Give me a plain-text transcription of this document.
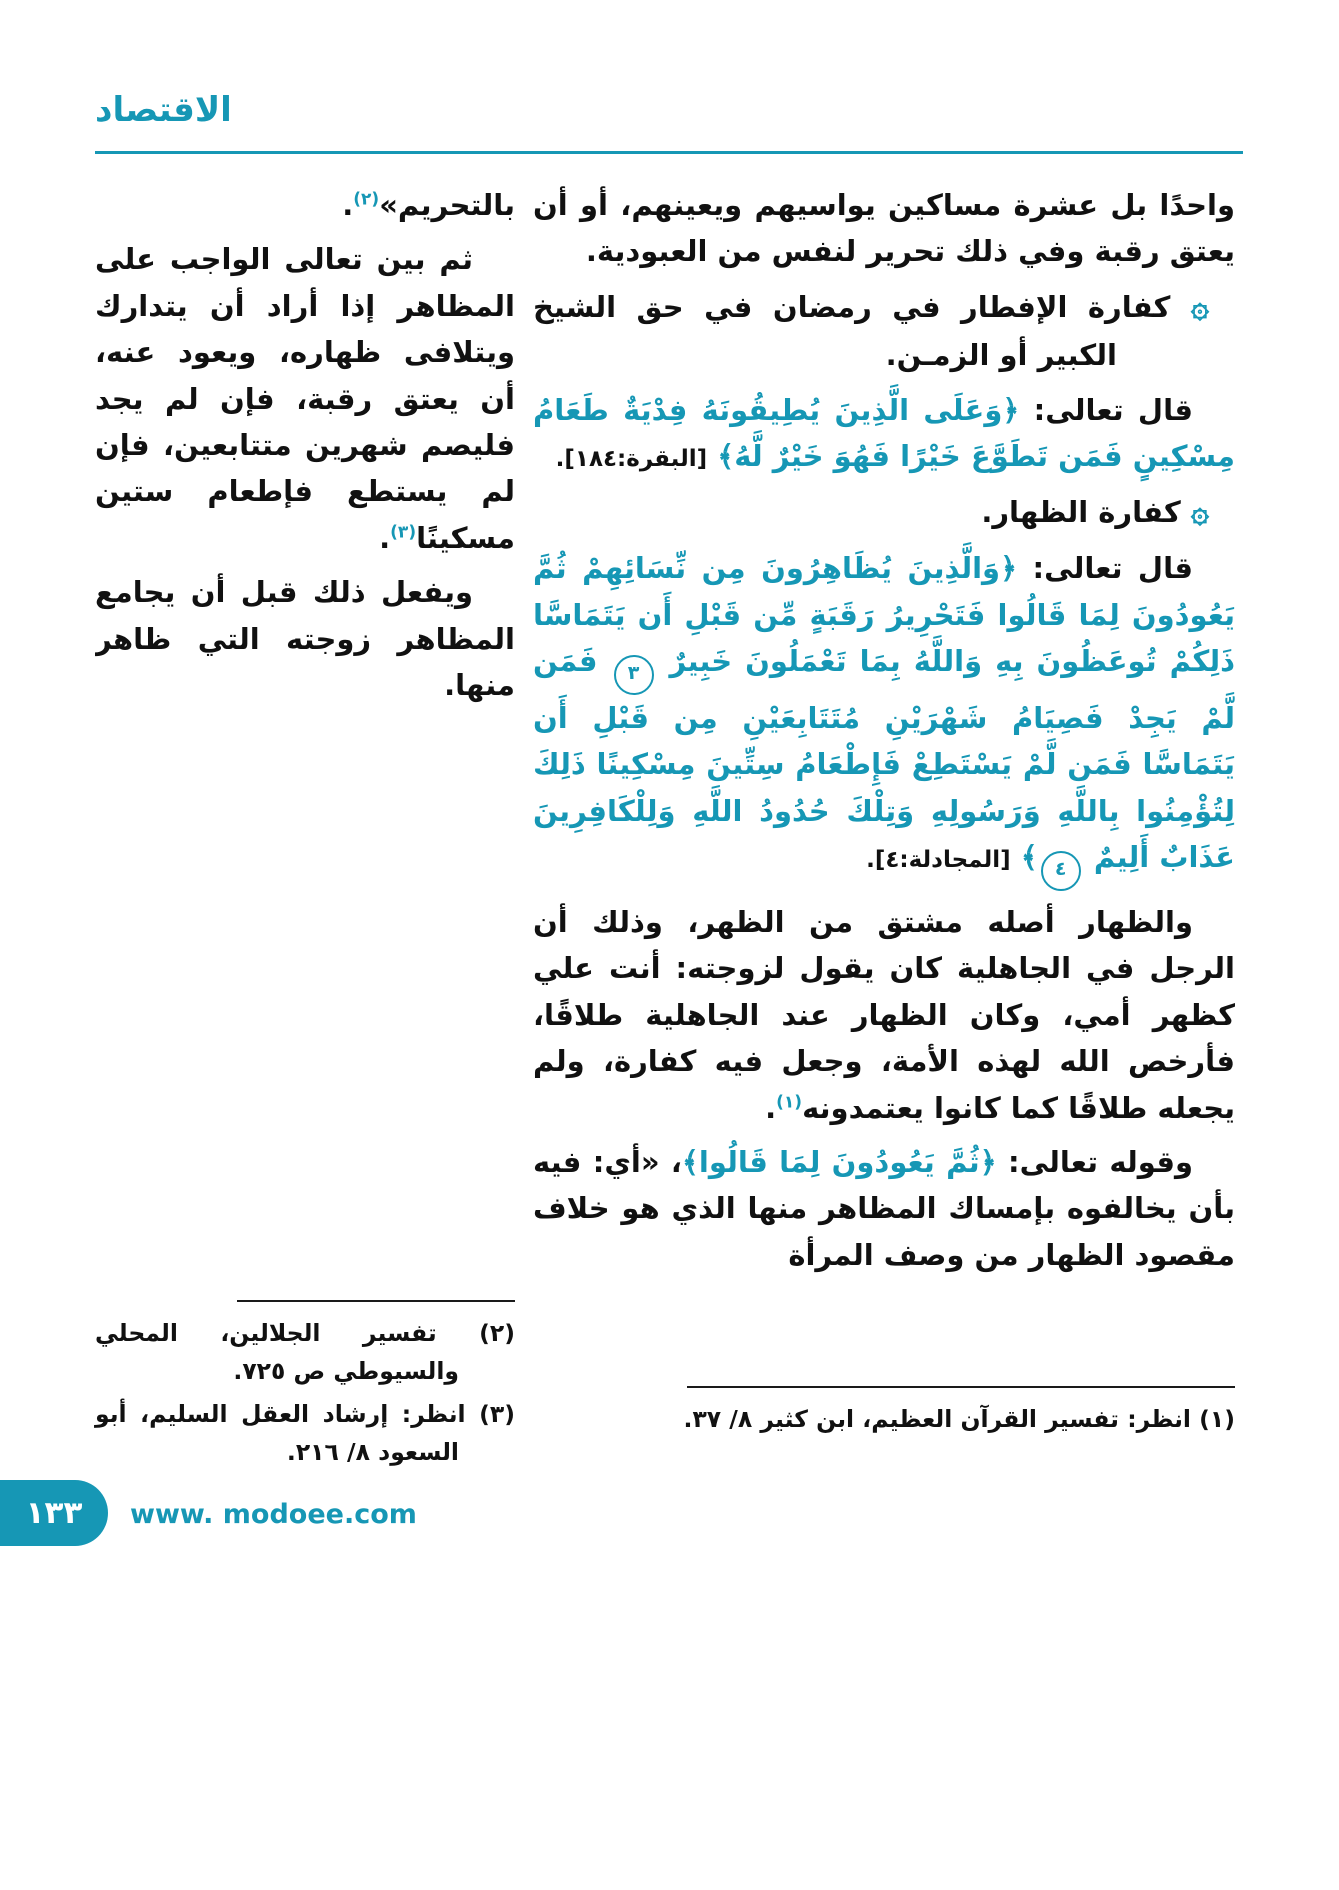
الاقتصاد

واحدًا بل عشرة مساكين يواسيهم ويعينهم، أو أن يعتق رقبة وفي ذلك تحرير لنفس من العبودية.

۞ كفارة الإفطار في رمضان في حق الشيخ الكبير أو الزمـن.

قال تعالى: ﴿وَعَلَى الَّذِينَ يُطِيقُونَهُ فِدْيَةٌ طَعَامُ مِسْكِينٍ فَمَن تَطَوَّعَ خَيْرًا فَهُوَ خَيْرٌ لَّهُ﴾ [البقرة:١٨٤].

۞ كفارة الظهار.

قال تعالى: ﴿وَالَّذِينَ يُظَاهِرُونَ مِن نِّسَائِهِمْ ثُمَّ يَعُودُونَ لِمَا قَالُوا فَتَحْرِيرُ رَقَبَةٍ مِّن قَبْلِ أَن يَتَمَاسَّا ذَلِكُمْ تُوعَظُونَ بِهِ وَاللَّهُ بِمَا تَعْمَلُونَ خَبِيرٌ ٣ فَمَن لَّمْ يَجِدْ فَصِيَامُ شَهْرَيْنِ مُتَتَابِعَيْنِ مِن قَبْلِ أَن يَتَمَاسَّا فَمَن لَّمْ يَسْتَطِعْ فَإِطْعَامُ سِتِّينَ مِسْكِينًا ذَلِكَ لِتُؤْمِنُوا بِاللَّهِ وَرَسُولِهِ وَتِلْكَ حُدُودُ اللَّهِ وَلِلْكَافِرِينَ عَذَابٌ أَلِيمٌ ٤﴾ [المجادلة:٤].

والظهار أصله مشتق من الظهر، وذلك أن الرجل في الجاهلية كان يقول لزوجته: أنت علي كظهر أمي، وكان الظهار عند الجاهلية طلاقًا، فأرخص الله لهذه الأمة، وجعل فيه كفارة، ولم يجعله طلاقًا كما كانوا يعتمدونه$^{(١)}$.

وقوله تعالى: ﴿ثُمَّ يَعُودُونَ لِمَا قَالُوا﴾، «أي: فيه بأن يخالفوه بإمساك المظاهر منها الذي هو خلاف مقصود الظهار من وصف المرأة

بالتحريم»$^{(٢)}$.

ثم بين تعالى الواجب على المظاهر إذا أراد أن يتدارك ويتلافى ظهاره، ويعود عنه، أن يعتق رقبة، فإن لم يجد فليصم شهرين متتابعين، فإن لم يستطع فإطعام ستين مسكينًا$^{(٣)}$.

ويفعل ذلك قبل أن يجامع المظاهر زوجته التي ظاهر منها.

(١) انظر: تفسير القرآن العظيم، ابن كثير ٨/ ٣٧.

(٢) تفسير الجلالين، المحلي والسيوطي ص ٧٢٥.

(٣) انظر: إرشاد العقل السليم، أبو السعود ٨/ ٢١٦.

١٣٣	www. modoee.com
